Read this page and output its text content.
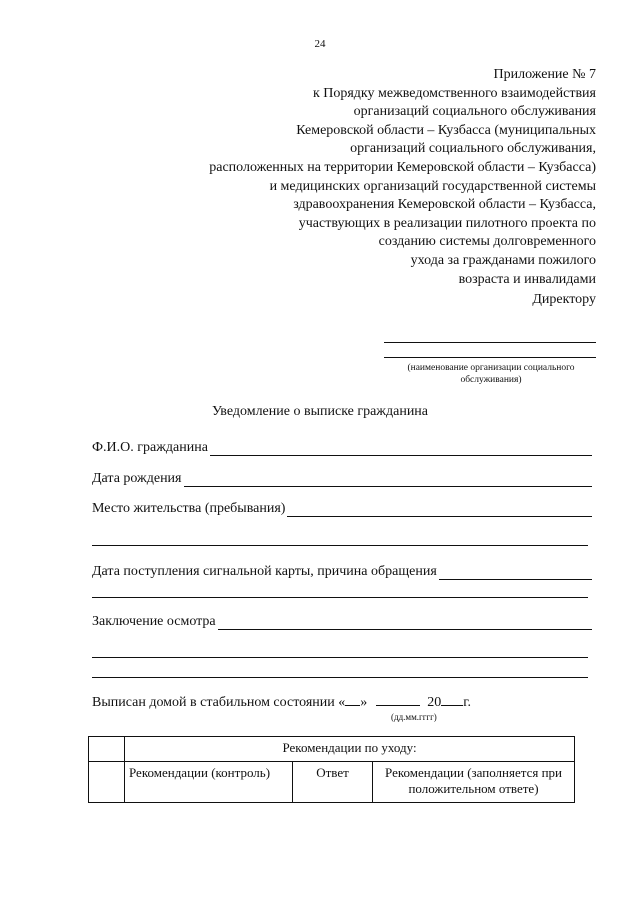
24
Приложение № 7
к Порядку межведомственного взаимодействия
организаций социального обслуживания
Кемеровской области – Кузбасса (муниципальных
организаций социального обслуживания,
расположенных на территории Кемеровской области – Кузбасса)
и медицинских организаций государственной системы
здравоохранения Кемеровской области – Кузбасса,
участвующих в реализации пилотного проекта по
созданию системы долговременного
ухода за гражданами пожилого
возраста и инвалидами
Директору
(наименование организации социального обслуживания)
Уведомление о выписке гражданина
Ф.И.О. гражданина
Дата рождения
Место жительства (пребывания)
Дата поступления сигнальной карты, причина обращения
Заключение осмотра
Выписан домой в стабильном состоянии « »	20 г.
(дд.мм.гггг)
	Рекомендации по уходу:		
	Рекомендации (контроль)	Ответ	Рекомендации (заполняется при положительном ответе)
